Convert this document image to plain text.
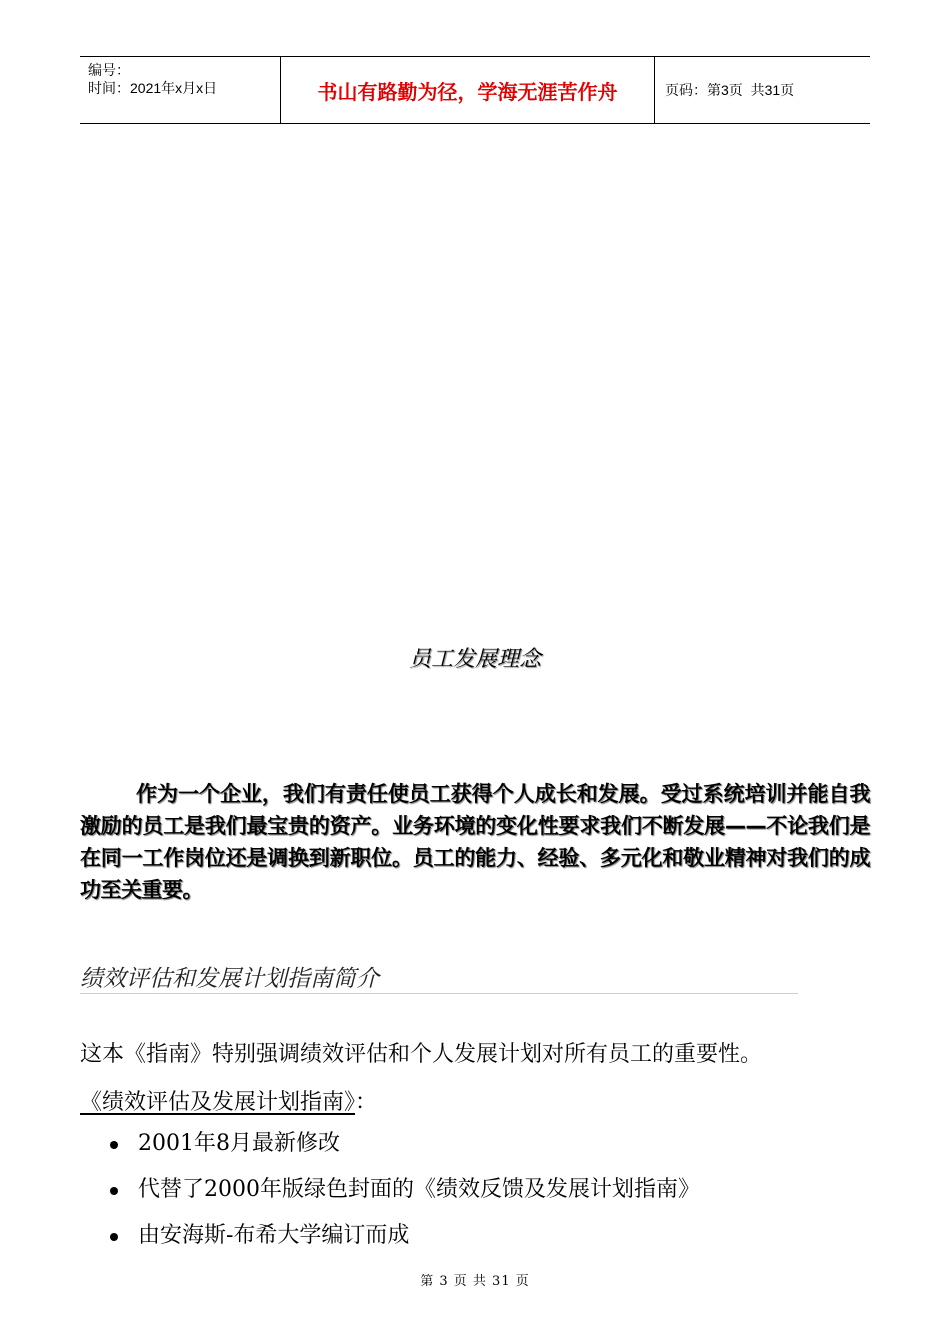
编号：
时间：2021年x月x日	书山有路勤为径，学海无涯苦作舟	页码：第3页  共31页
员工发展理念
作为一个企业，我们有责任使员工获得个人成长和发展。受过系统培训并能自我激励的员工是我们最宝贵的资产。业务环境的变化性要求我们不断发展——不论我们是在同一工作岗位还是调换到新职位。员工的能力、经验、多元化和敬业精神对我们的成功至关重要。
绩效评估和发展计划指南简介
这本《指南》特别强调绩效评估和个人发展计划对所有员工的重要性。
《绩效评估及发展计划指南》：
2001年8月最新修改
代替了2000年版绿色封面的《绩效反馈及发展计划指南》
由安海斯-布希大学编订而成
第 3 页 共 31 页
